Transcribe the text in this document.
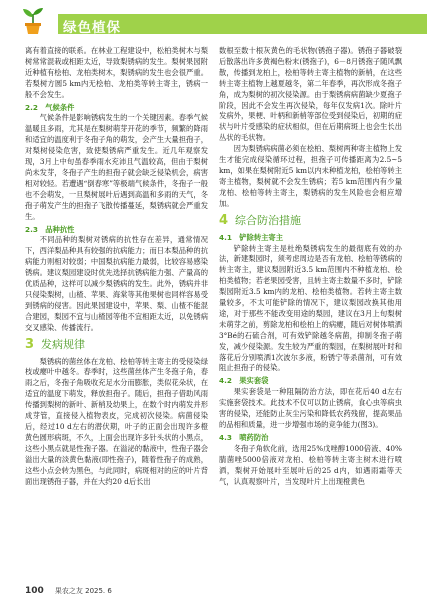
绿色植保

离有着直接的联系。在林业工程建设中，松柏类树木与梨树常常混栽或相距太近，导致梨锈病的发生。梨树果园附近种植有桧柏、龙柏类树木，梨锈病的发生也会很严重。若梨树方圆5 km内无桧柏、龙柏类等转主寄主，锈病一般不会发生。

2.2　气候条件

气候条件是影响锈病发生的一个关键因素。春季气候温暖且多雨，尤其是在梨树萌芽开花的季节，频繁的降雨和适宜的温度利于冬孢子角的萌发，会产生大量担孢子，对梨树侵染危害，致使梨锈病严重发生。近几年观察发现，3月上中旬虽春季雨水充沛且气温较高，但由于梨树尚未发芽，冬孢子产生的担孢子就会缺乏侵染机会，病害相对较轻。若遭遇“倒春寒”等极端气候条件，冬孢子一般也不会萌发，一旦梨树展叶后遇到高温和多雨的天气，冬孢子萌发产生的担孢子飞散传播蔓延，梨锈病就会严重发生。

2.3　品种抗性

不同品种的梨树对锈病的抗性存在差异，通常情况下，西洋梨品种具有较强的抗病能力；而日本梨品种的抗病能力则相对较弱；中国梨抗病能力最弱，比较容易感染锈病。建议梨园建设时优先选择抗锈病能力强、产量高的优质品种，这样可以减少梨锈病的发生。此外，锈病并非只侵染梨树，山楂、苹果、海棠等其他果树也同样容易受到锈病的侵害。因此果园建设中，苹果、梨、山楂不能混合建园，梨园不宜与山楂园等他不宜相距太近，以免锈病交叉感染、传播流行。

3 发病规律

梨锈病的菌丝体在龙柏、桧柏等转主寄主的受侵染绿枝或瘿叶中越冬。春季时，这些菌丝体产生冬孢子角，春雨之后，冬孢子角吸收充足水分而膨胀，类似花朵状，在适宜的温度下萌发，释放担孢子。随后，担孢子借助风雨传播到梨树的新叶、新梢及幼果上，在数个时内萌发并形成芽管，直接侵入植物表皮，完成初次侵染。病菌侵染后，经过10 d左右的潜伏期，叶子的正面会出现许多橙黄色圆形病斑，不久，上面会出现许多针头状的小黑点，这些小黑点就是性孢子器。在溢泌的黏液中，性孢子器会溢出大量的淡黄色黏液(即性孢子)，随着性孢子的成熟，这些小点会转为黑色，与此同时，病斑相对的应的叶片背面出现锈孢子器，并在大约20 d后长出

数根至数十根灰黄色的毛状物(锈孢子器)。锈孢子器破裂后散落出许多黄褐色粉末(锈孢子)，6－8月锈孢子随风飘散，传播到龙柏上，桧柏等转主寄主植物的新梢，在这些转主寄主植物上越夏越冬，第二年春季，再次形成冬孢子角，成为梨树的初次侵染源。由于梨锈病病菌缺少夏孢子阶段，因此不会发生再次侵染，每年仅发病1次。除叶片发病外，果梗、叶柄和新梢等部位受到侵染后，初期的症状与叶片受感染的症状相似，但在后期病斑上也会生长出丛状的毛状物。

因为梨锈病病菌必须在桧柏、梨树两种寄主植物上发生才能完成侵染循环过程，担孢子可传播距离为2.5~5 km，如果在梨树附近5 km以内未种植龙柏，桧柏等转主寄主植物，梨树就不会发生锈病；若5 km范围内有少量龙柏、桧柏等转主寄主，梨锈病的发生风险也会相应增加。

4 综合防治措施
4.1　铲除转主寄主

铲除转主寄主是杜绝梨锈病发生的最彻底有效的办法，新建梨园时，须考虑周边是否有龙柏、桧柏等锈病的转主寄主，建议梨园附近3.5 km范围内不种植龙柏、桧柏类植物；若老果园受害，且转主寄主数量不多时，铲除梨园附近3.5 km内的龙柏、桧柏类植物。若转主寄主数量较多，不太可能铲除的情况下，建议梨园改换其他用途，对于那些不能改变用途的梨园，建议在3月上旬梨树未萌芽之前，剪除龙柏和桧柏上的病瘿，随后对树体喷洒3°Bé的石硫合剂，可有效铲除越冬病菌，抑制冬孢子萌发，减少侵染源。发生较为严重的梨园，在梨树展叶时和落花后分别喷洒1次波尔多液，粉锈宁等杀菌剂，可有效阻止担孢子的侵染。

4.2　果实套袋

果实套袋是一种阻隔防治方法，即在花后40 d左右实施套袋技术。此技术不仅可以防止锈病，食心虫等病虫害的侵染，还能防止灰尘污染和降低农药残留，提高果品的品相和质量，进一步增强市场的竞争能力(图3)。

4.3　喷药防治

冬孢子角软化前，选用25%戊唑醇1000倍液、40%腈菌唑5000倍液对龙柏、桧柏等转主寄主树木进行喷洒，梨树开始展叶至展叶后的25 d内，如遇雨霜等天气，认真观察叶片，当发现叶片上出现橙黄色

100 果农之友 2025. 6
